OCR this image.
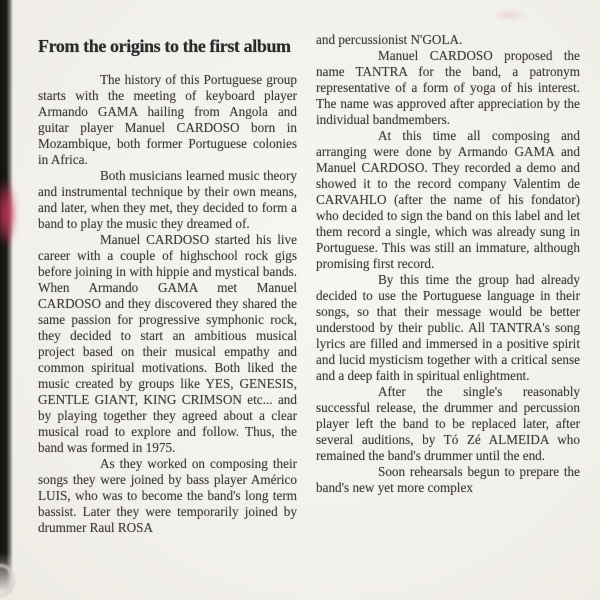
From the origins to the first album

The history of this Portuguese group starts with the meeting of keyboard player Armando GAMA hailing from Angola and guitar player Manuel CARDOSO born in Mozambique, both former Portuguese colonies in Africa.

Both musicians learned music theory and instrumental technique by their own means, and later, when they met, they decided to form a band to play the music they dreamed of.

Manuel CARDOSO started his live career with a couple of highschool rock gigs before joining in with hippie and mystical bands. When Armando GAMA met Manuel CARDOSO and they discovered they shared the same passion for progressive symphonic rock, they decided to start an ambitious musical project based on their musical empathy and common spiritual motivations. Both liked the music created by groups like YES, GENESIS, GENTLE GIANT, KING CRIMSON etc... and by playing together they agreed about a clear musical road to explore and follow. Thus, the band was formed in 1975.

As they worked on composing their songs they were joined by bass player Américo LUIS, who was to become the band's long term bassist. Later they were temporarily joined by drummer Raul ROSA

and percussionist N'GOLA.

Manuel CARDOSO proposed the name TANTRA for the band, a patronym representative of a form of yoga of his interest. The name was approved after appreciation by the individual bandmembers.

At this time all composing and arranging were done by Armando GAMA and Manuel CARDOSO. They recorded a demo and showed it to the record company Valentim de CARVAHLO (after the name of his fondator) who decided to sign the band on this label and let them record a single, which was already sung in Portuguese. This was still an immature, although promising first record.

By this time the group had already decided to use the Portuguese language in their songs, so that their message would be better understood by their public. All TANTRA's song lyrics are filled and immersed in a positive spirit and lucid mysticism together with a critical sense and a deep faith in spiritual enlightment.

After the single's reasonably successful release, the drummer and percussion player left the band to be replaced later, after several auditions, by Tó Zé ALMEIDA who remained the band's drummer until the end.

Soon rehearsals begun to prepare the band's new yet more complex
